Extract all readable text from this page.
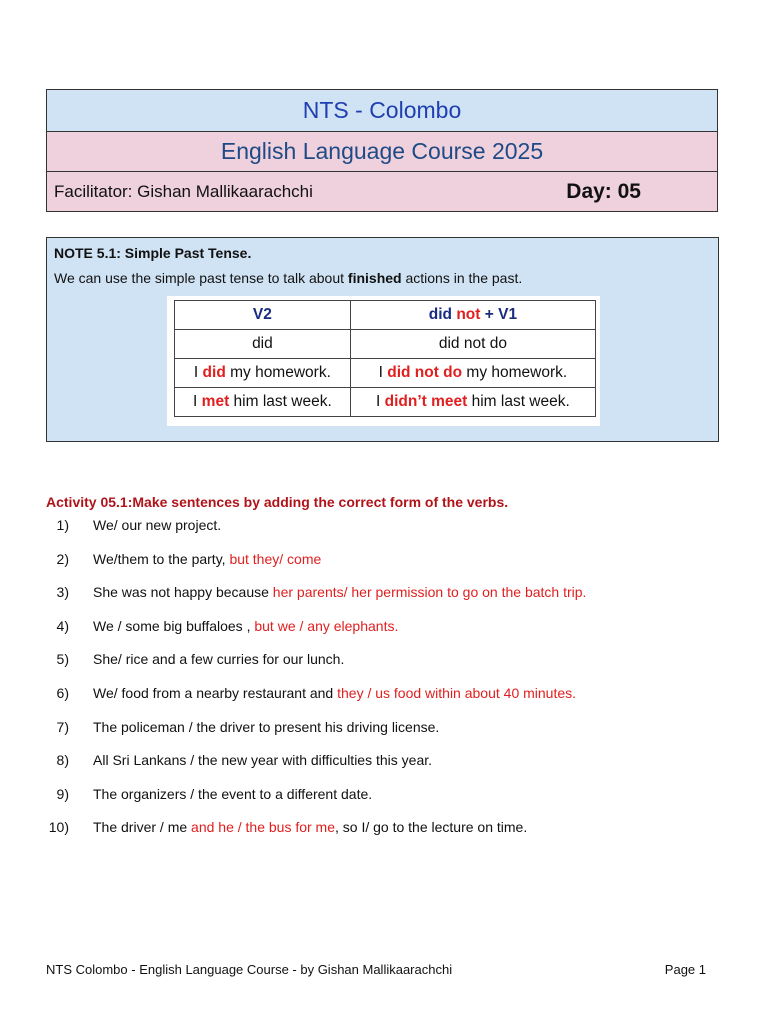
NTS - Colombo
English Language Course 2025
Facilitator: Gishan Mallikaarachchi	Day: 05
NOTE 5.1: Simple Past Tense.
We can use the simple past tense to talk about finished actions in the past.
V2	did not + V1
did	did not do
I did my homework.	I did not do my homework.
I met him last week.	I didn’t meet him last week.
Activity 05.1:Make sentences by adding the correct form of the verbs.
1) We/ our new project.
2) We/them to the party, but they/ come
3) She was not happy because her parents/ her permission to go on the batch trip.
4) We / some big buffaloes , but we / any elephants.
5) She/ rice and a few curries for our lunch.
6) We/ food from a nearby restaurant and they / us food within about 40 minutes.
7) The policeman / the driver to present his driving license.
8) All Sri Lankans / the new year with difficulties this year.
9) The organizers / the event to a different date.
10) The driver / me and he / the bus for me, so I/ go to the lecture on time.
NTS Colombo - English Language Course - by Gishan Mallikaarachchi	Page 1
